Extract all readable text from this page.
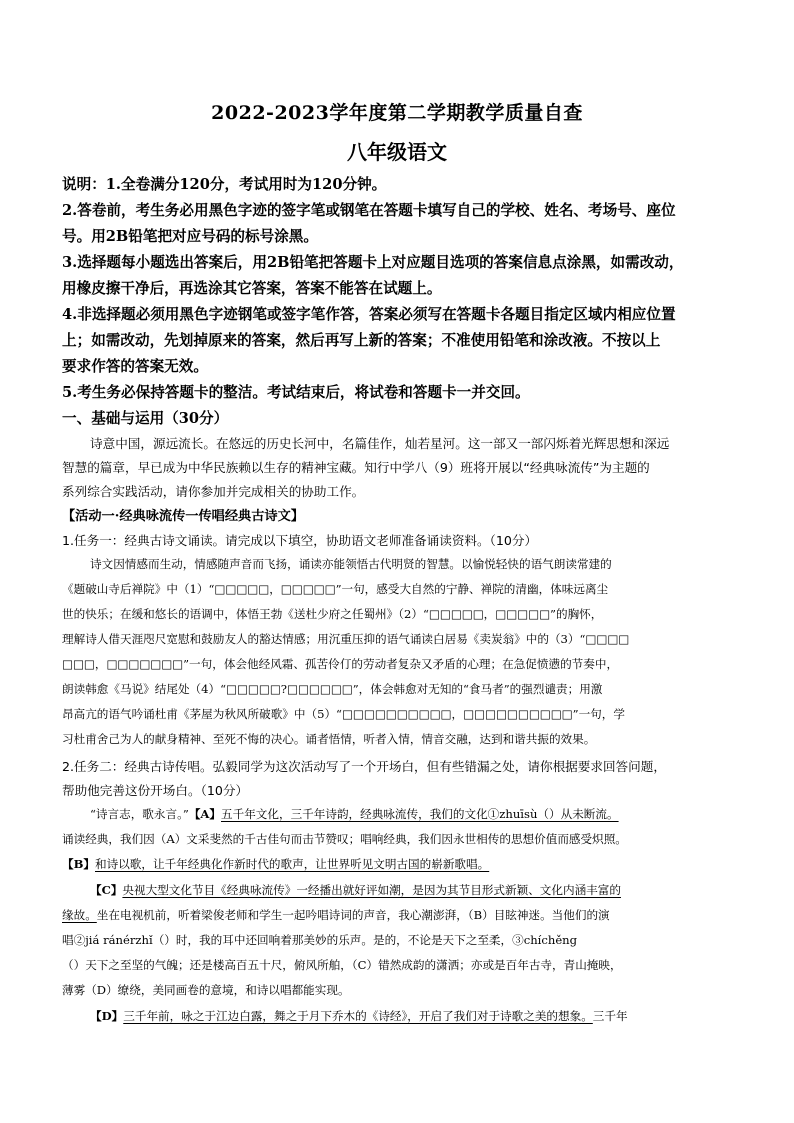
2022-2023学年度第二学期教学质量自查
八年级语文
说明：1.全卷满分120分，考试用时为120分钟。
2.答卷前，考生务必用黑色字迹的签字笔或钢笔在答题卡填写自己的学校、姓名、考场号、座位
号。用2B铅笔把对应号码的标号涂黑。
3.选择题每小题选出答案后，用2B铅笔把答题卡上对应题目选项的答案信息点涂黑，如需改动，
用橡皮擦干净后，再选涂其它答案，答案不能答在试题上。
4.非选择题必须用黑色字迹钢笔或签字笔作答，答案必须写在答题卡各题目指定区域内相应位置
上；如需改动，先划掉原来的答案，然后再写上新的答案；不准使用铅笔和涂改液。不按以上
要求作答的答案无效。
5.考生务必保持答题卡的整洁。考试结束后，将试卷和答题卡一并交回。
一、基础与运用（30分）
诗意中国，源远流长。在悠远的历史长河中，名篇佳作，灿若星河。这一部又一部闪烁着光辉思想和深远
智慧的篇章，早已成为中华民族赖以生存的精神宝藏。知行中学八（9）班将开展以“经典咏流传”为主题的
系列综合实践活动，请你参加并完成相关的协助工作。
【活动一·经典咏流传一传唱经典古诗文】
1.任务一：经典古诗文诵读。请完成以下填空，协助语文老师准备诵读资料。（10分）
诗文因情感而生动，情感随声音而飞扬，诵读亦能领悟古代明贤的智慧。以愉悦轻快的语气朗读常建的
《题破山寺后禅院》中（1）“□□□□□，□□□□□”一句，感受大自然的宁静、禅院的清幽，体味远离尘
世的快乐；在缓和悠长的语调中，体悟王勃《送杜少府之任蜀州》（2）“□□□□□，□□□□□”的胸怀，
理解诗人借天涯咫尺宽慰和鼓励友人的豁达情感；用沉重压抑的语气诵读白居易《卖炭翁》中的（3）“□□□□
□□□，□□□□□□□”一句，体会他经风霜、孤苦伶仃的劳动者复杂又矛盾的心理；在急促愤懑的节奏中，
朗读韩愈《马说》结尾处（4）“□□□□□?□□□□□□”，体会韩愈对无知的“食马者”的强烈谴责；用激
昂高亢的语气吟诵杜甫《茅屋为秋风所破歌》中（5）“□□□□□□□□□□，□□□□□□□□□□”一句，学
习杜甫舍己为人的献身精神、至死不悔的决心。诵者悟情，听者入情，情音交融，达到和谐共振的效果。
2.任务二：经典古诗传唱。弘毅同学为这次活动写了一个开场白，但有些错漏之处，请你根据要求回答问题，
帮助他完善这份开场白。（10分）
“诗言志，歌永言。”【A】五千年文化，三千年诗韵，经典咏流传，我们的文化①zhuīsù（）从未断流。
诵读经典，我们因（A）文采斐然的千古佳句而击节赞叹；唱响经典，我们因永世相传的思想价值而感受炽照。
【B】和诗以歌，让千年经典化作新时代的歌声，让世界听见文明古国的崭新歌唱。
【C】央视大型文化节目《经典咏流传》一经播出就好评如潮，是因为其节目形式新颖、文化内涵丰富的
缘故。坐在电视机前，听着梁俊老师和学生一起吟唱诗词的声音，我心潮澎湃，（B）目眩神迷。当他们的演
唱②jiá ránérzhǐ（）时，我的耳中还回响着那美妙的乐声。是的，不论是天下之至柔，③chíchěng
（）天下之至坚的气魄；还是楼高百五十尺，俯风所舶，（C）错然成韵的潇洒；亦或是百年古寺，青山掩映，
薄雾（D）缭绕，美同画卷的意境，和诗以唱都能实现。
【D】三千年前，咏之于江边白露，舞之于月下乔木的《诗经》，开启了我们对于诗歌之美的想象。三千年
